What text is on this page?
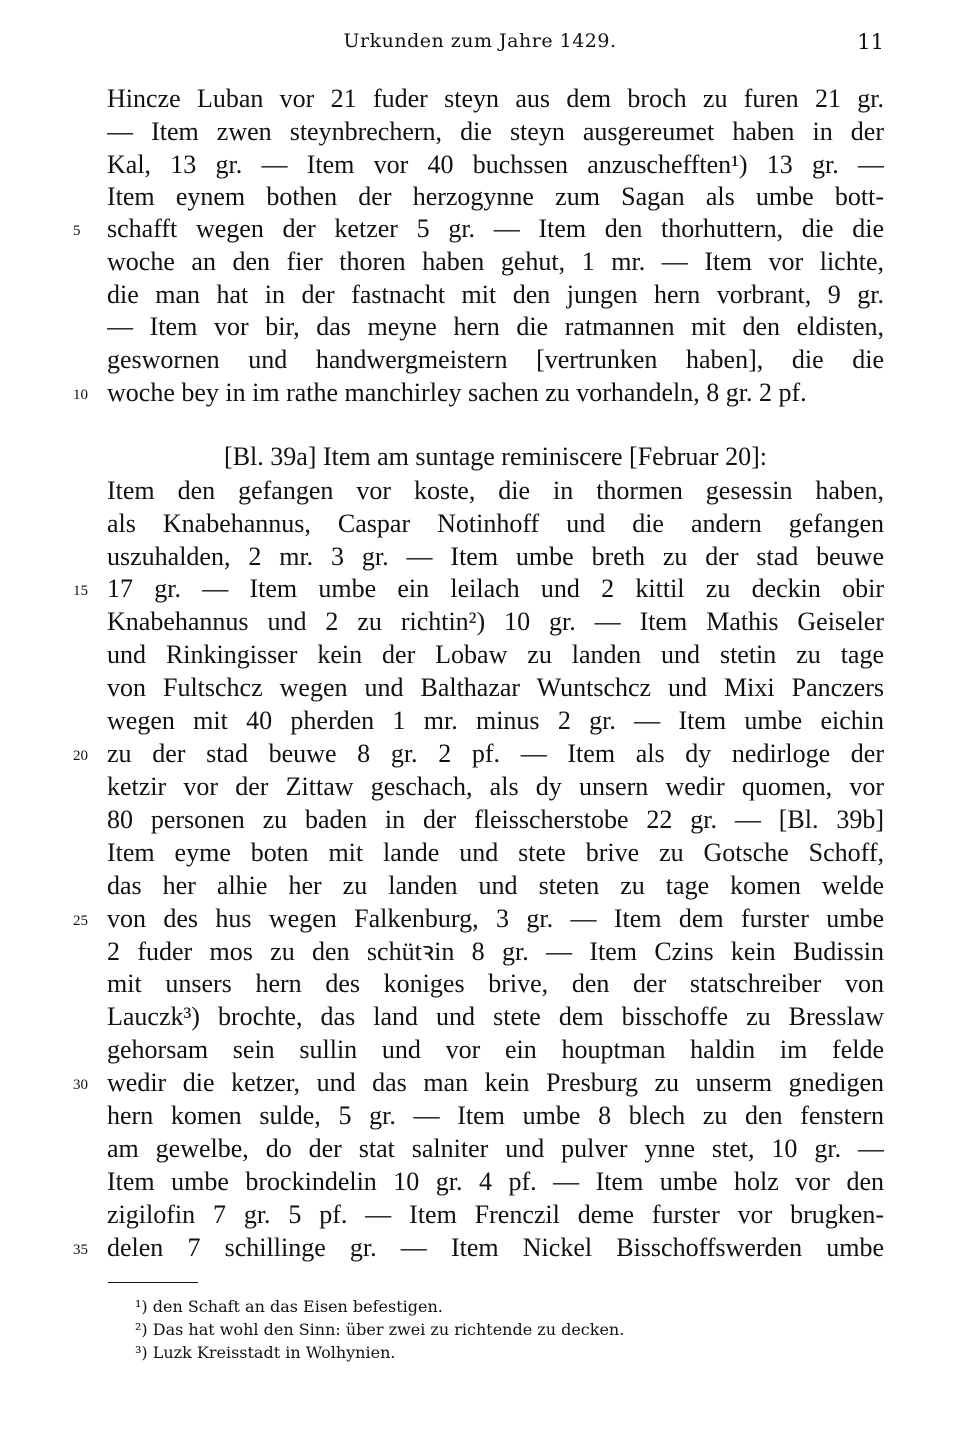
Urkunden zum Jahre 1429.	11
Hincze Luban vor 21 fuder steyn aus dem broch zu furen 21 gr.
— Item zwen steynbrechern, die steyn ausgereumet haben in der
Kal, 13 gr. — Item vor 40 buchssen anzuschefften¹) 13 gr. —
Item eynem bothen der herzogynne zum Sagan als umbe bott-
schafft wegen der ketzer 5 gr. — Item den thorhuttern, die die
5
woche an den fier thoren haben gehut, 1 mr. — Item vor lichte,
die man hat in der fastnacht mit den jungen hern vorbrant, 9 gr.
— Item vor bir, das meyne hern die ratmannen mit den eldisten,
geswornen und handwergmeistern [vertrunken haben], die die
woche bey in im rathe manchirley sachen zu vorhandeln, 8 gr. 2 pf.
10
[Bl. 39a] Item am suntage reminiscere [Februar 20]:
Item den gefangen vor koste, die in thormen gesessin haben,
als Knabehannus, Caspar Notinhoff und die andern gefangen
uszuhalden, 2 mr. 3 gr. — Item umbe breth zu der stad beuwe
17 gr. — Item umbe ein leilach und 2 kittil zu deckin obir
15
Knabehannus und 2 zu richtin²) 10 gr. — Item Mathis Geiseler
und Rinkingisser kein der Lobaw zu landen und stetin zu tage
von Fultschcz wegen und Balthazar Wuntschcz und Mixi Panczers
wegen mit 40 pherden 1 mr. minus 2 gr. — Item umbe eichin
zu der stad beuwe 8 gr. 2 pf. — Item als dy nedirloge der
20
ketzir vor der Zittaw geschach, als dy unsern wedir quomen, vor
80 personen zu baden in der fleisscherstobe 22 gr. — [Bl. 39b]
Item eyme boten mit lande und stete brive zu Gotsche Schoff,
das her alhie her zu landen und steten zu tage komen welde
von des hus wegen Falkenburg, 3 gr. — Item dem furster umbe
25
2 fuder mos zu den schütꝛin 8 gr. — Item Czins kein Budissin
mit unsers hern des koniges brive, den der statschreiber von
Lauczk³) brochte, das land und stete dem bisschoffe zu Bresslaw
gehorsam sein sullin und vor ein houptman haldin im felde
wedir die ketzer, und das man kein Presburg zu unserm gnedigen
30
hern komen sulde, 5 gr. — Item umbe 8 blech zu den fenstern
am gewelbe, do der stat salniter und pulver ynne stet, 10 gr. —
Item umbe brockindelin 10 gr. 4 pf. — Item umbe holz vor den
zigilofin 7 gr. 5 pf. — Item Frenczil deme furster vor brugken-
delen 7 schillinge gr. — Item Nickel Bisschoffswerden umbe
35
¹) den Schaft an das Eisen befestigen.
²) Das hat wohl den Sinn: über zwei zu richtende zu decken.
³) Luzk Kreisstadt in Wolhynien.
